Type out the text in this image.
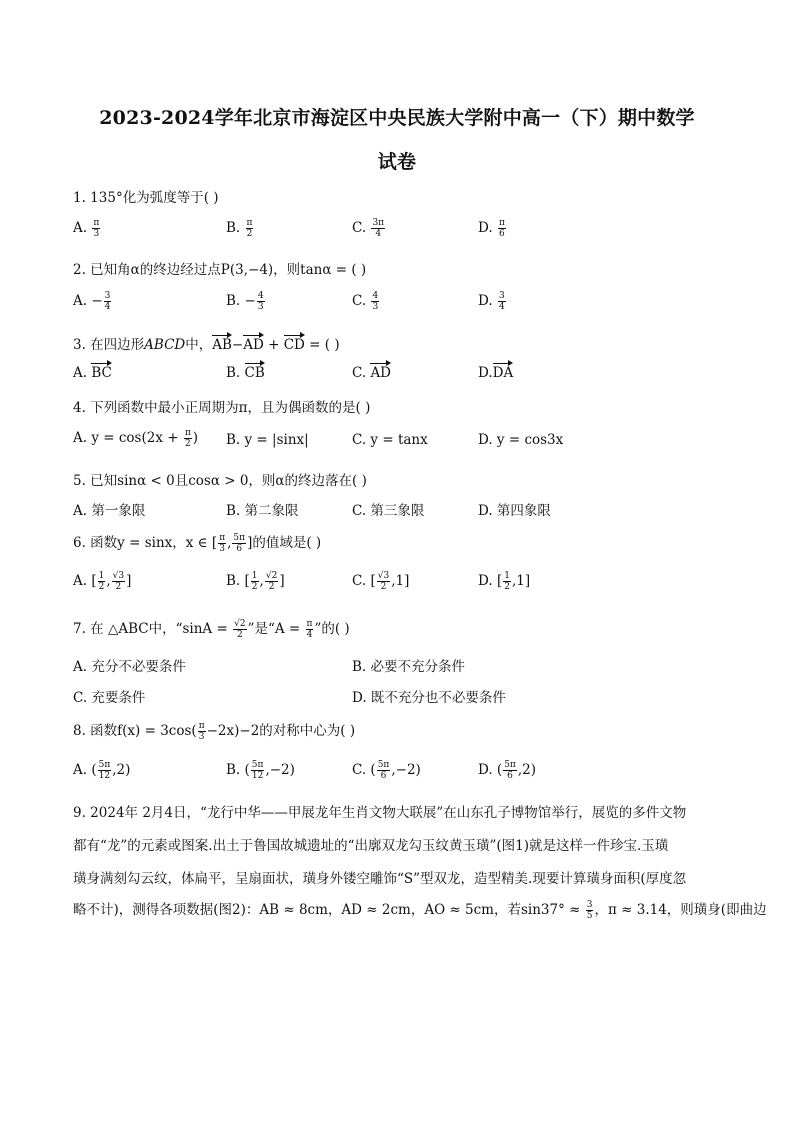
2023-2024学年北京市海淀区中央民族大学附中高一（下）期中数学
试卷
1. 135°化为弧度等于( )
A. $\frac{\pi}{3}$	B. $\frac{\pi}{2}$	C. $\frac{3\pi}{4}$	D. $\frac{\pi}{6}$
2. 已知角α的终边经过点P(3,−4)，则tanα = ( )
A. − $\frac{3}{4}$	B. − $\frac{4}{3}$	C. $\frac{4}{3}$	D. $\frac{3}{4}$
3. 在四边形ABCD中，AB−AD + CD = ( )
A. BC	B. CB	C. AD	D.DA
4. 下列函数中最小正周期为π，且为偶函数的是( )
A. $y = \cos(2x + \frac{\pi}{2}$ ) B. y = |sinx|	C. y = tanx	D. y = cos3x
5. 已知sinα < 0且cosα > 0，则α的终边落在( )
A. 第一象限	B. 第二象限	C. 第三象限	D. 第四象限
6. 函数y = sinx，x ∈ [ $\frac{\pi}{3}$ , $\frac{5\pi}{6}$ ]的值域是( )
A. [ $\frac{1}{2}$ , $\frac{√3}{2}$ ]	B. [ $\frac{1}{2}$ , $\frac{√2}{2}$ ]	C. [ $\frac{√3}{2} ,1$]	D. [ $\frac{1}{2} ,1$]
7. 在 △ABC中，“$\sin A = \frac{√2}{2}$ ”是“$A = \frac{\pi}{4}$ ”的( )
A. 充分不必要条件	B. 必要不充分条件
C. 充要条件	D. 既不充分也不必要条件
8. 函数$f(x) = 3\cos( \frac{\pi}{3} -2x)-2$的对称中心为( )
A. ( $\frac{5\pi}{12} ,2$)	B. ( $\frac{5\pi}{12} ,-2$)	C. ( $\frac{5\pi}{6} ,-2$)	D. ( $\frac{5\pi}{6} ,2$)
9. 2024年 2月4日，“龙行中华——甲展龙年生肖文物大联展”在山东孔子博物馆举行，展览的多件文物
都有“龙”的元素或图案.出土于鲁国故城遗址的“出廓双龙勾玉纹黄玉璜”(图1)就是这样一件珍宝.玉璜
璜身满刻勾云纹，体扁平，呈扇面状，璜身外镂空雕饰“S”型双龙，造型精美.现要计算璜身面积(厚度忽
略不计)，测得各项数据(图2)：AB ≈ 8cm，AD ≈ 2cm，AO ≈ 5cm，若$\sin 37^\circ \approx \frac{3}{5}$ ，π ≈ 3.14，则璜身(即曲边
